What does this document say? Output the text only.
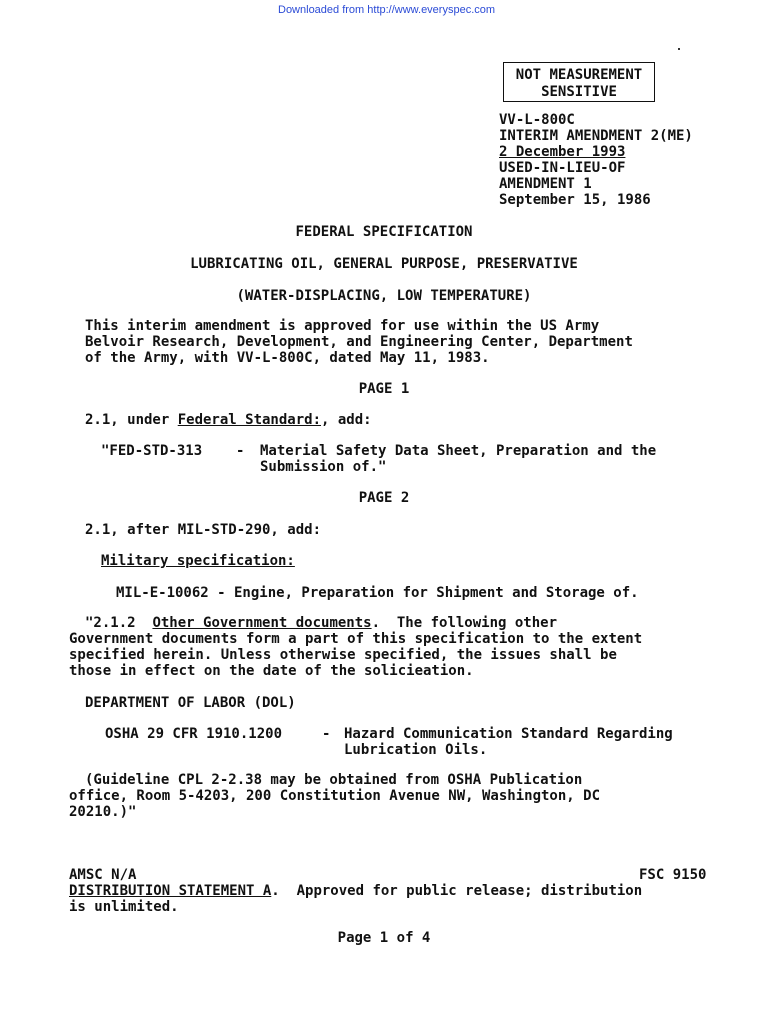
Downloaded from http://www.everyspec.com
NOT MEASUREMENT
SENSITIVE
VV-L-800C
INTERIM AMENDMENT 2(ME)
2 December 1993
USED-IN-LIEU-OF
AMENDMENT 1
September 15, 1986
FEDERAL SPECIFICATION
LUBRICATING OIL, GENERAL PURPOSE, PRESERVATIVE
(WATER-DISPLACING, LOW TEMPERATURE)
This interim amendment is approved for use within the US Army
Belvoir Research, Development, and Engineering Center, Department
of the Army, with VV-L-800C, dated May 11, 1983.
PAGE 1
2.1, under Federal Standard:, add:
"FED-STD-313 - Material Safety Data Sheet, Preparation and the
Submission of."
PAGE 2
2.1, after MIL-STD-290, add:
Military specification:
MIL-E-10062 - Engine, Preparation for Shipment and Storage of.
"2.1.2  Other Government documents.  The following other
Government documents form a part of this specification to the extent
specified herein. Unless otherwise specified, the issues shall be
those in effect on the date of the solicieation.
DEPARTMENT OF LABOR (DOL)
OSHA 29 CFR 1910.1200	- Hazard Communication Standard Regarding
Lubrication Oils.
(Guideline CPL 2-2.38 may be obtained from OSHA Publication
office, Room 5-4203, 200 Constitution Avenue NW, Washington, DC
20210.)"
AMSC N/A	FSC 9150
DISTRIBUTION STATEMENT A.  Approved for public release; distribution
is unlimited.
Page 1 of 4
